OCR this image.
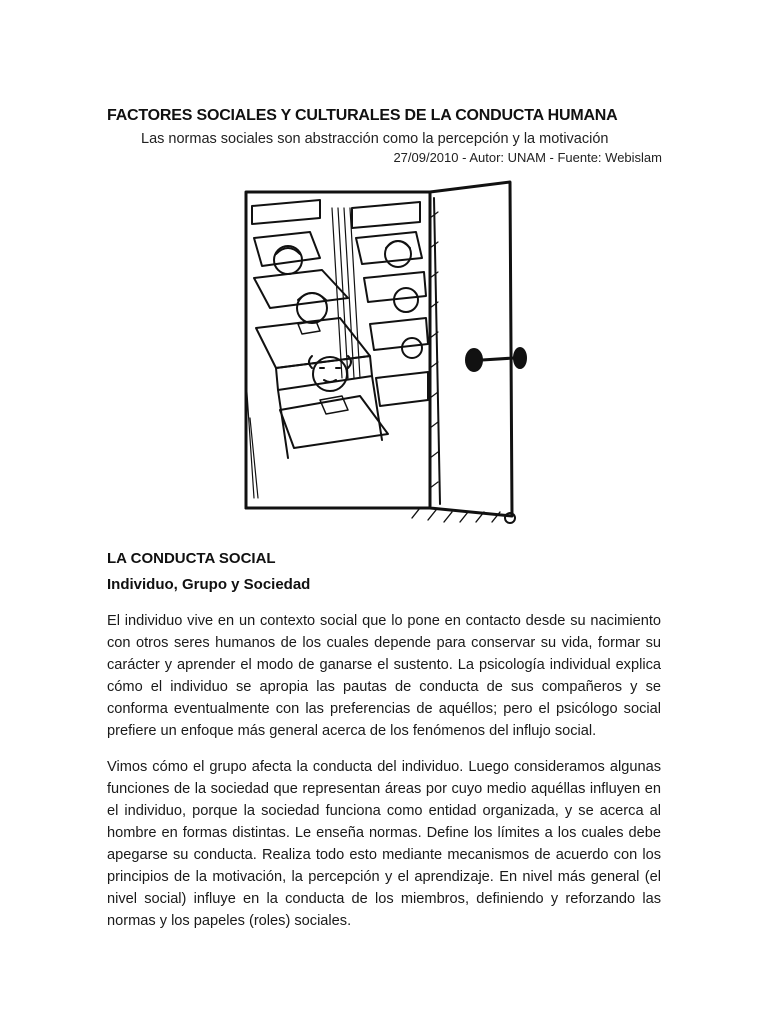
FACTORES SOCIALES Y CULTURALES DE LA CONDUCTA HUMANA
Las normas sociales son abstracción como la percepción y la motivación
27/09/2010 - Autor: UNAM - Fuente: Webislam
LA CONDUCTA SOCIAL
Individuo, Grupo y Sociedad

El individuo vive en un contexto social que lo pone en contacto desde su nacimiento con otros seres humanos de los cuales depende para conservar su vida, formar su carácter y aprender el modo de ganarse el sustento. La psicología individual explica cómo el individuo se apropia las pautas de conducta de sus compañeros y se conforma eventualmente con las preferencias de aquéllos; pero el psicólogo social prefiere un enfoque más general acerca de los fenómenos del influjo social.

Vimos cómo el grupo afecta la conducta del individuo. Luego consideramos algunas funciones de la sociedad que representan áreas por cuyo medio aquéllas influyen en el individuo, porque la sociedad funciona como entidad organizada, y se acerca al hombre en formas distintas. Le enseña normas. Define los límites a los cuales debe apegarse su conducta. Realiza todo esto mediante mecanismos de acuerdo con los principios de la motivación, la percepción y el aprendizaje. En nivel más general (el nivel social) influye en la conducta de los miembros, definiendo y reforzando las normas y los papeles (roles) sociales.
